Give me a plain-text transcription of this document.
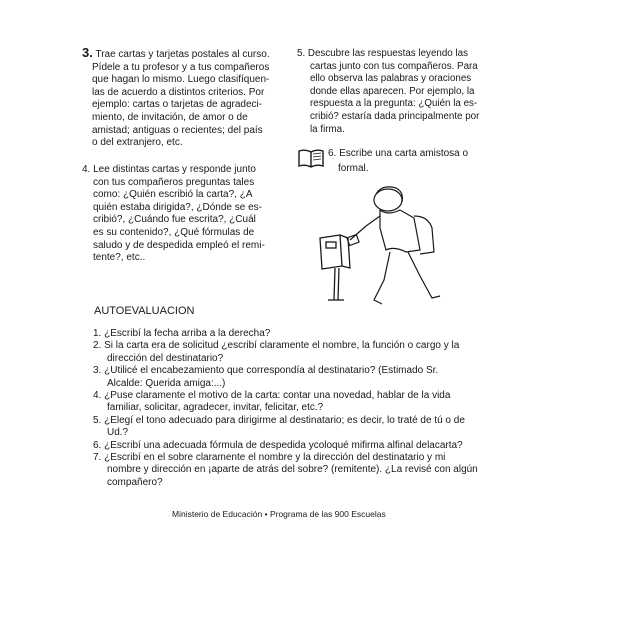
3. Trae cartas y tarjetas postales al curso.
Pídele a tu profesor y a tus compañeros
que hagan lo mismo. Luego clasifíquen-
las de acuerdo a distintos criterios. Por
ejemplo: cartas o tarjetas de agradeci-
miento, de invitación, de amor o de
amistad; antiguas o recientes; del país
o del extranjero, etc.
4. Lee distintas cartas y responde junto
con tus compañeros preguntas tales
como: ¿Quién escribió la carta?, ¿A
quién estaba dirigida?, ¿Dónde se es-
cribió?, ¿Cuándo fue escrita?, ¿Cuál
es su contenido?, ¿Qué fórmulas de
saludo y de despedida empleó el remi-
tente?, etc..
5. Descubre las respuestas leyendo las
cartas junto con tus compañeros. Para
ello observa las palabras y oraciones
donde ellas aparecen. Por ejemplo, la
respuesta a la pregunta: ¿Quién la es-
cribió? estaría dada principalmente por
la firma.
6. Escribe una carta amistosa o
formal.
AUTOEVALUACION
1. ¿Escribí la fecha arriba a la derecha?
2. Si la carta era de solicitud ¿escribí claramente el nombre, la función o cargo y la
dirección del destinatario?
3. ¿Utilicé el encabezamiento que correspondía al destinatario? (Estimado Sr.
Alcalde: Querida amiga:...)
4. ¿Puse claramente el motivo de la carta: contar una novedad, hablar de la vida
familiar, solicitar, agradecer, invitar, felicitar, etc.?
5. ¿Elegí el tono adecuado para dirigirme al destinatario; es decir, lo traté de tú o de
Ud.?
6. ¿Escribí una adecuada fórmula de despedida ycoloqué mifirma alfinal delacarta?
7. ¿Escribí en el sobre claramente el nombre y la dirección del destinatario y mi
nombre y dirección en ¡aparte de atrás del sobre? (remitente). ¿La revisé con algún
compañero?
Ministerio de Educación • Programa de las 900 Escuelas
